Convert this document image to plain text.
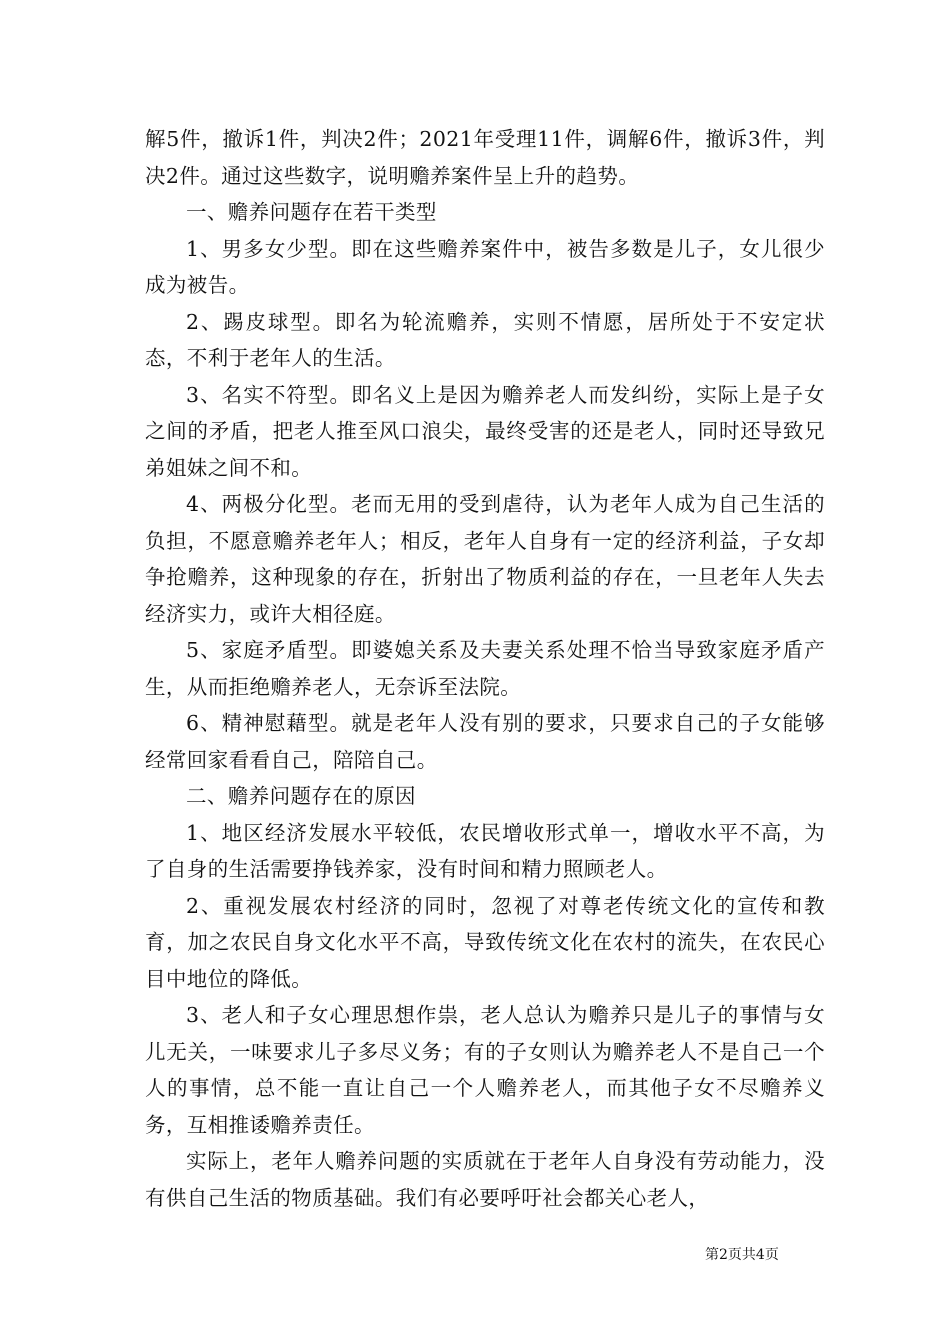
解5件，撤诉1件，判决2件；2021年受理11件，调解6件，撤诉3件，判决2件。通过这些数字，说明赡养案件呈上升的趋势。

一、赡养问题存在若干类型

1、男多女少型。即在这些赡养案件中，被告多数是儿子，女儿很少成为被告。

2、踢皮球型。即名为轮流赡养，实则不情愿，居所处于不安定状态，不利于老年人的生活。

3、名实不符型。即名义上是因为赡养老人而发纠纷，实际上是子女之间的矛盾，把老人推至风口浪尖，最终受害的还是老人，同时还导致兄弟姐妹之间不和。

4、两极分化型。老而无用的受到虐待，认为老年人成为自己生活的负担，不愿意赡养老年人；相反，老年人自身有一定的经济利益，子女却争抢赡养，这种现象的存在，折射出了物质利益的存在，一旦老年人失去经济实力，或许大相径庭。

5、家庭矛盾型。即婆媳关系及夫妻关系处理不恰当导致家庭矛盾产生，从而拒绝赡养老人，无奈诉至法院。

6、精神慰藉型。就是老年人没有别的要求，只要求自己的子女能够经常回家看看自己，陪陪自己。

二、赡养问题存在的原因

1、地区经济发展水平较低，农民增收形式单一，增收水平不高，为了自身的生活需要挣钱养家，没有时间和精力照顾老人。

2、重视发展农村经济的同时，忽视了对尊老传统文化的宣传和教育，加之农民自身文化水平不高，导致传统文化在农村的流失，在农民心目中地位的降低。

3、老人和子女心理思想作祟，老人总认为赡养只是儿子的事情与女儿无关，一味要求儿子多尽义务；有的子女则认为赡养老人不是自己一个人的事情，总不能一直让自己一个人赡养老人，而其他子女不尽赡养义务，互相推诿赡养责任。

实际上，老年人赡养问题的实质就在于老年人自身没有劳动能力，没有供自己生活的物质基础。我们有必要呼吁社会都关心老人，

第2页共4页
